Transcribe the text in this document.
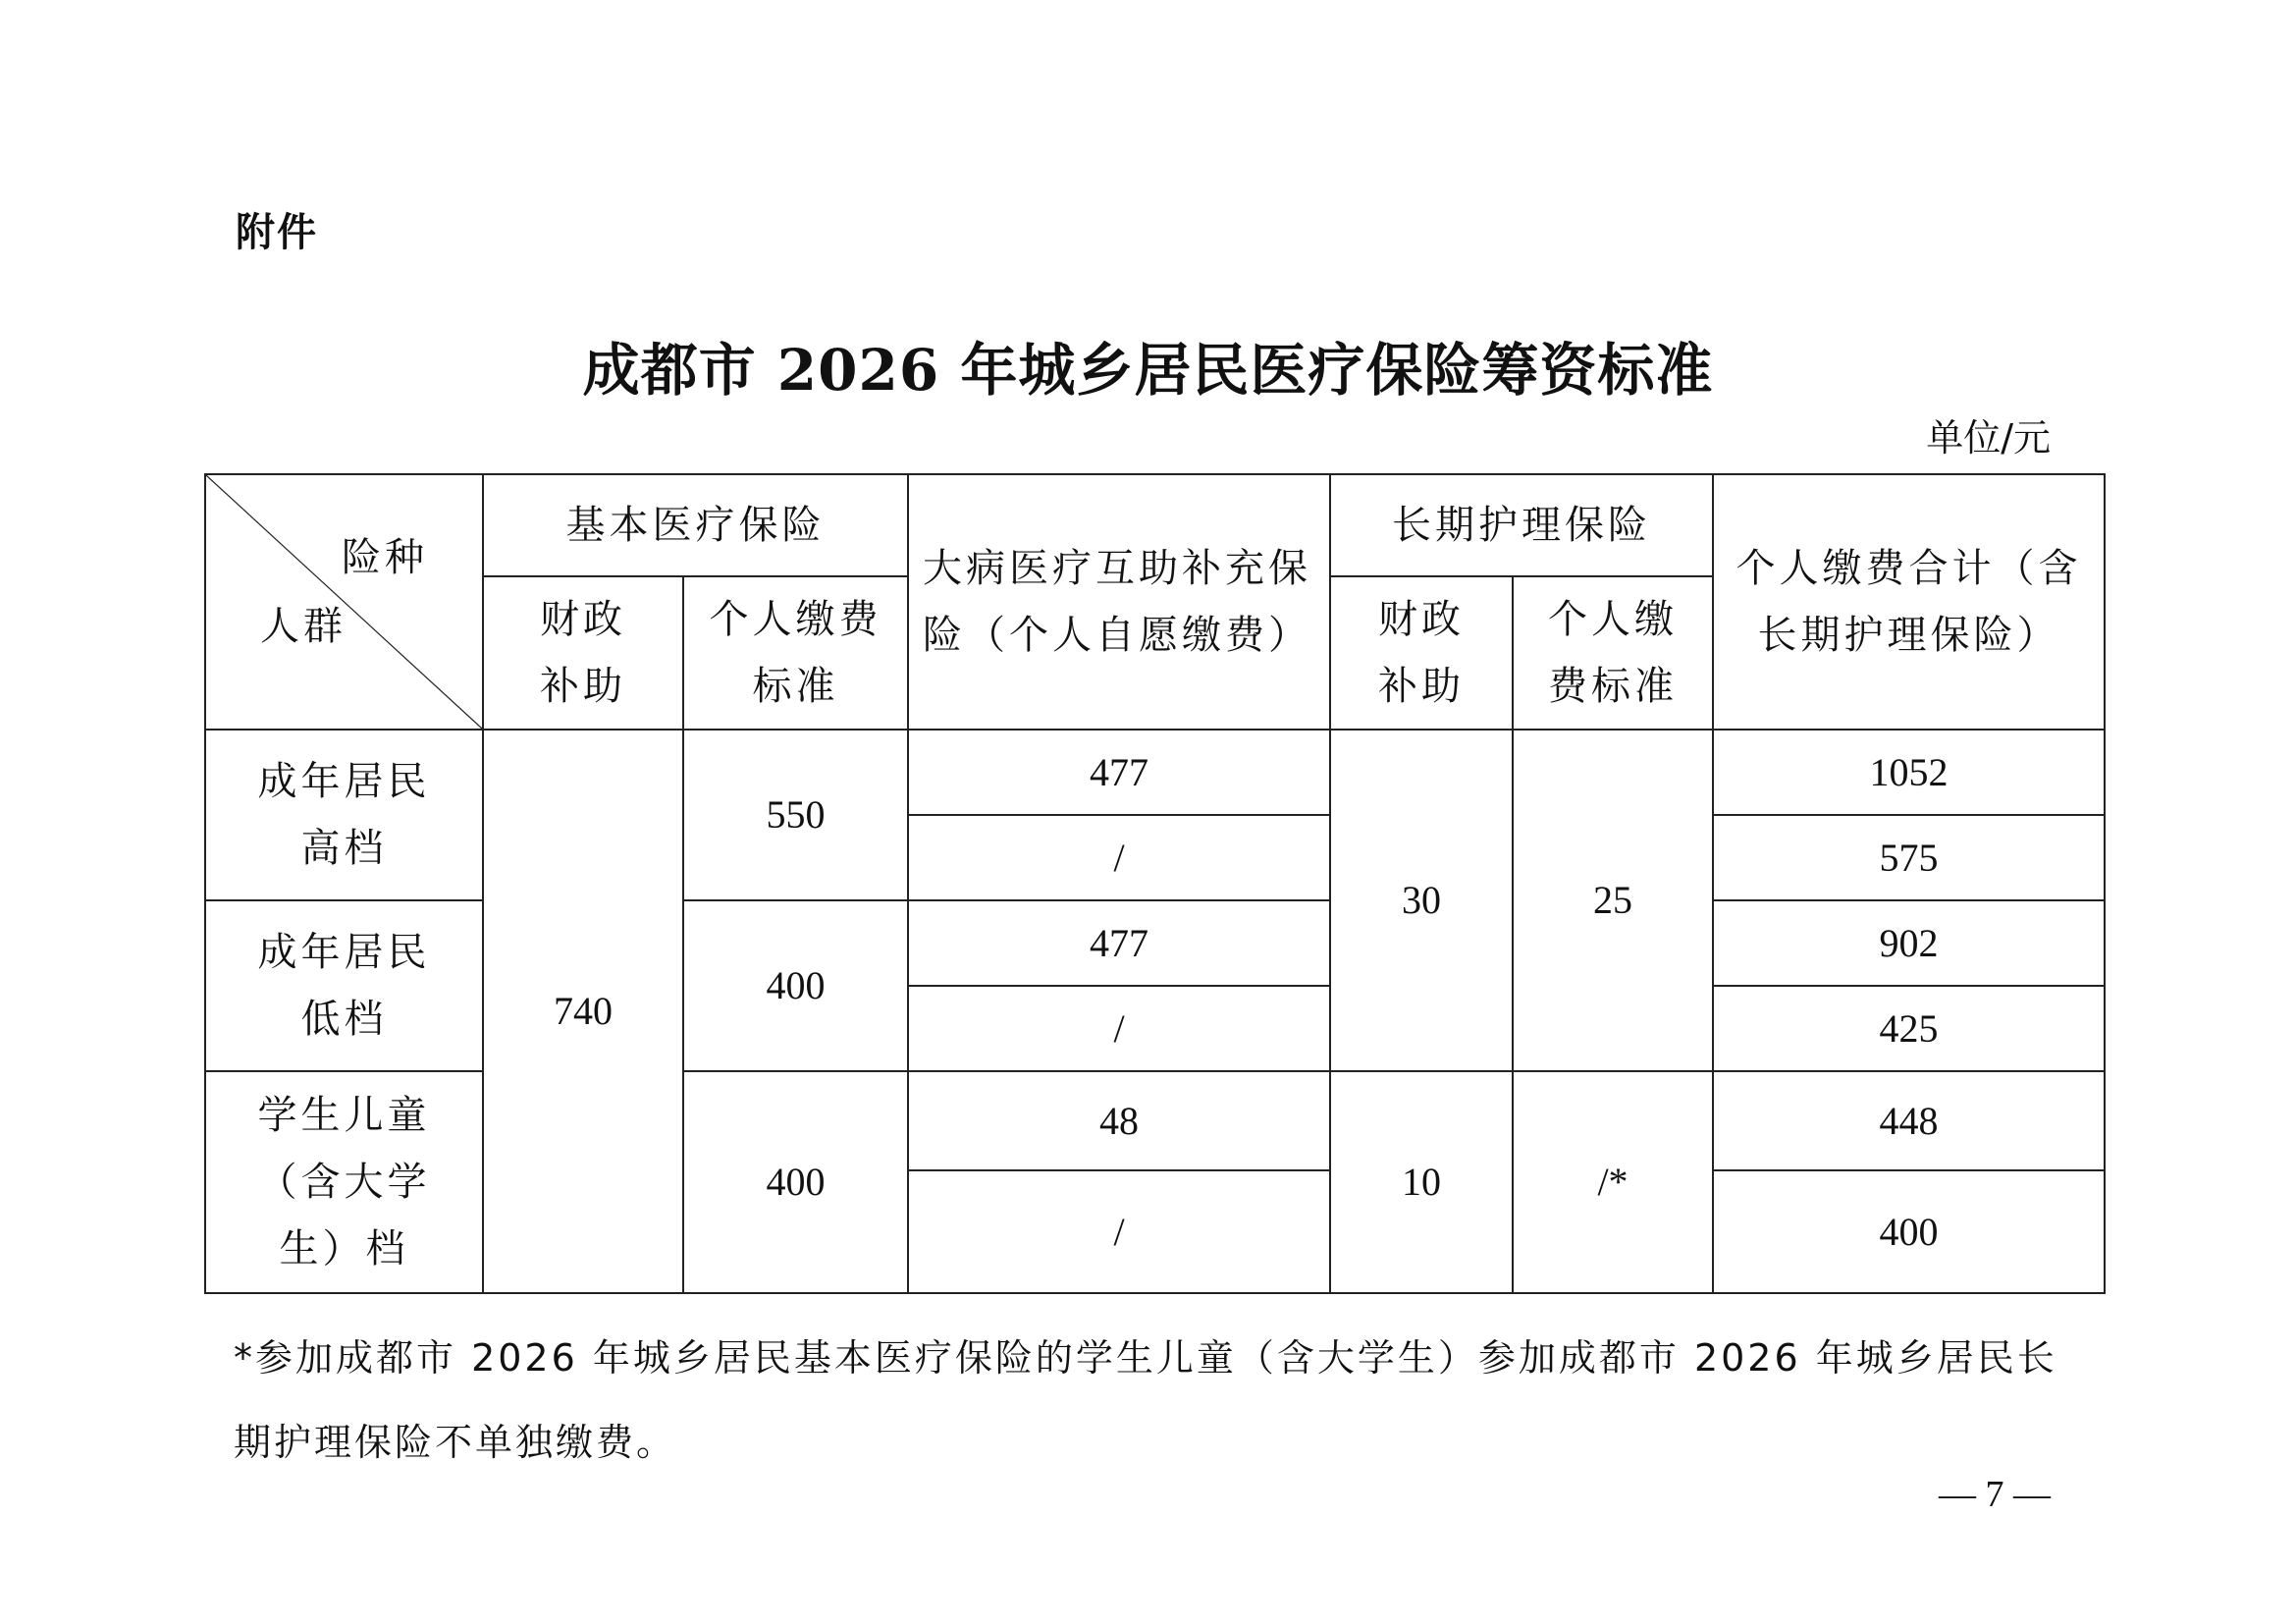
附件
成都市 2026 年城乡居民医疗保险筹资标准
单位/元
险种
人群	基本医疗保险		大病医疗互助补充保险（个人自愿缴费）	长期护理保险		个人缴费合计（含长期护理保险）
	财政补助	个人缴费标准		财政补助	个人缴费标准	
成年居民高档	740	550	477	30	25	1052
			/			575
成年居民低档		400	477			902
			/			425
学生儿童（含大学生）档		400	48	10	/*	448
			/			400
*参加成都市 2026 年城乡居民基本医疗保险的学生儿童（含大学生）参加成都市 2026 年城乡居民长期护理保险不单独缴费。
— 7 —
